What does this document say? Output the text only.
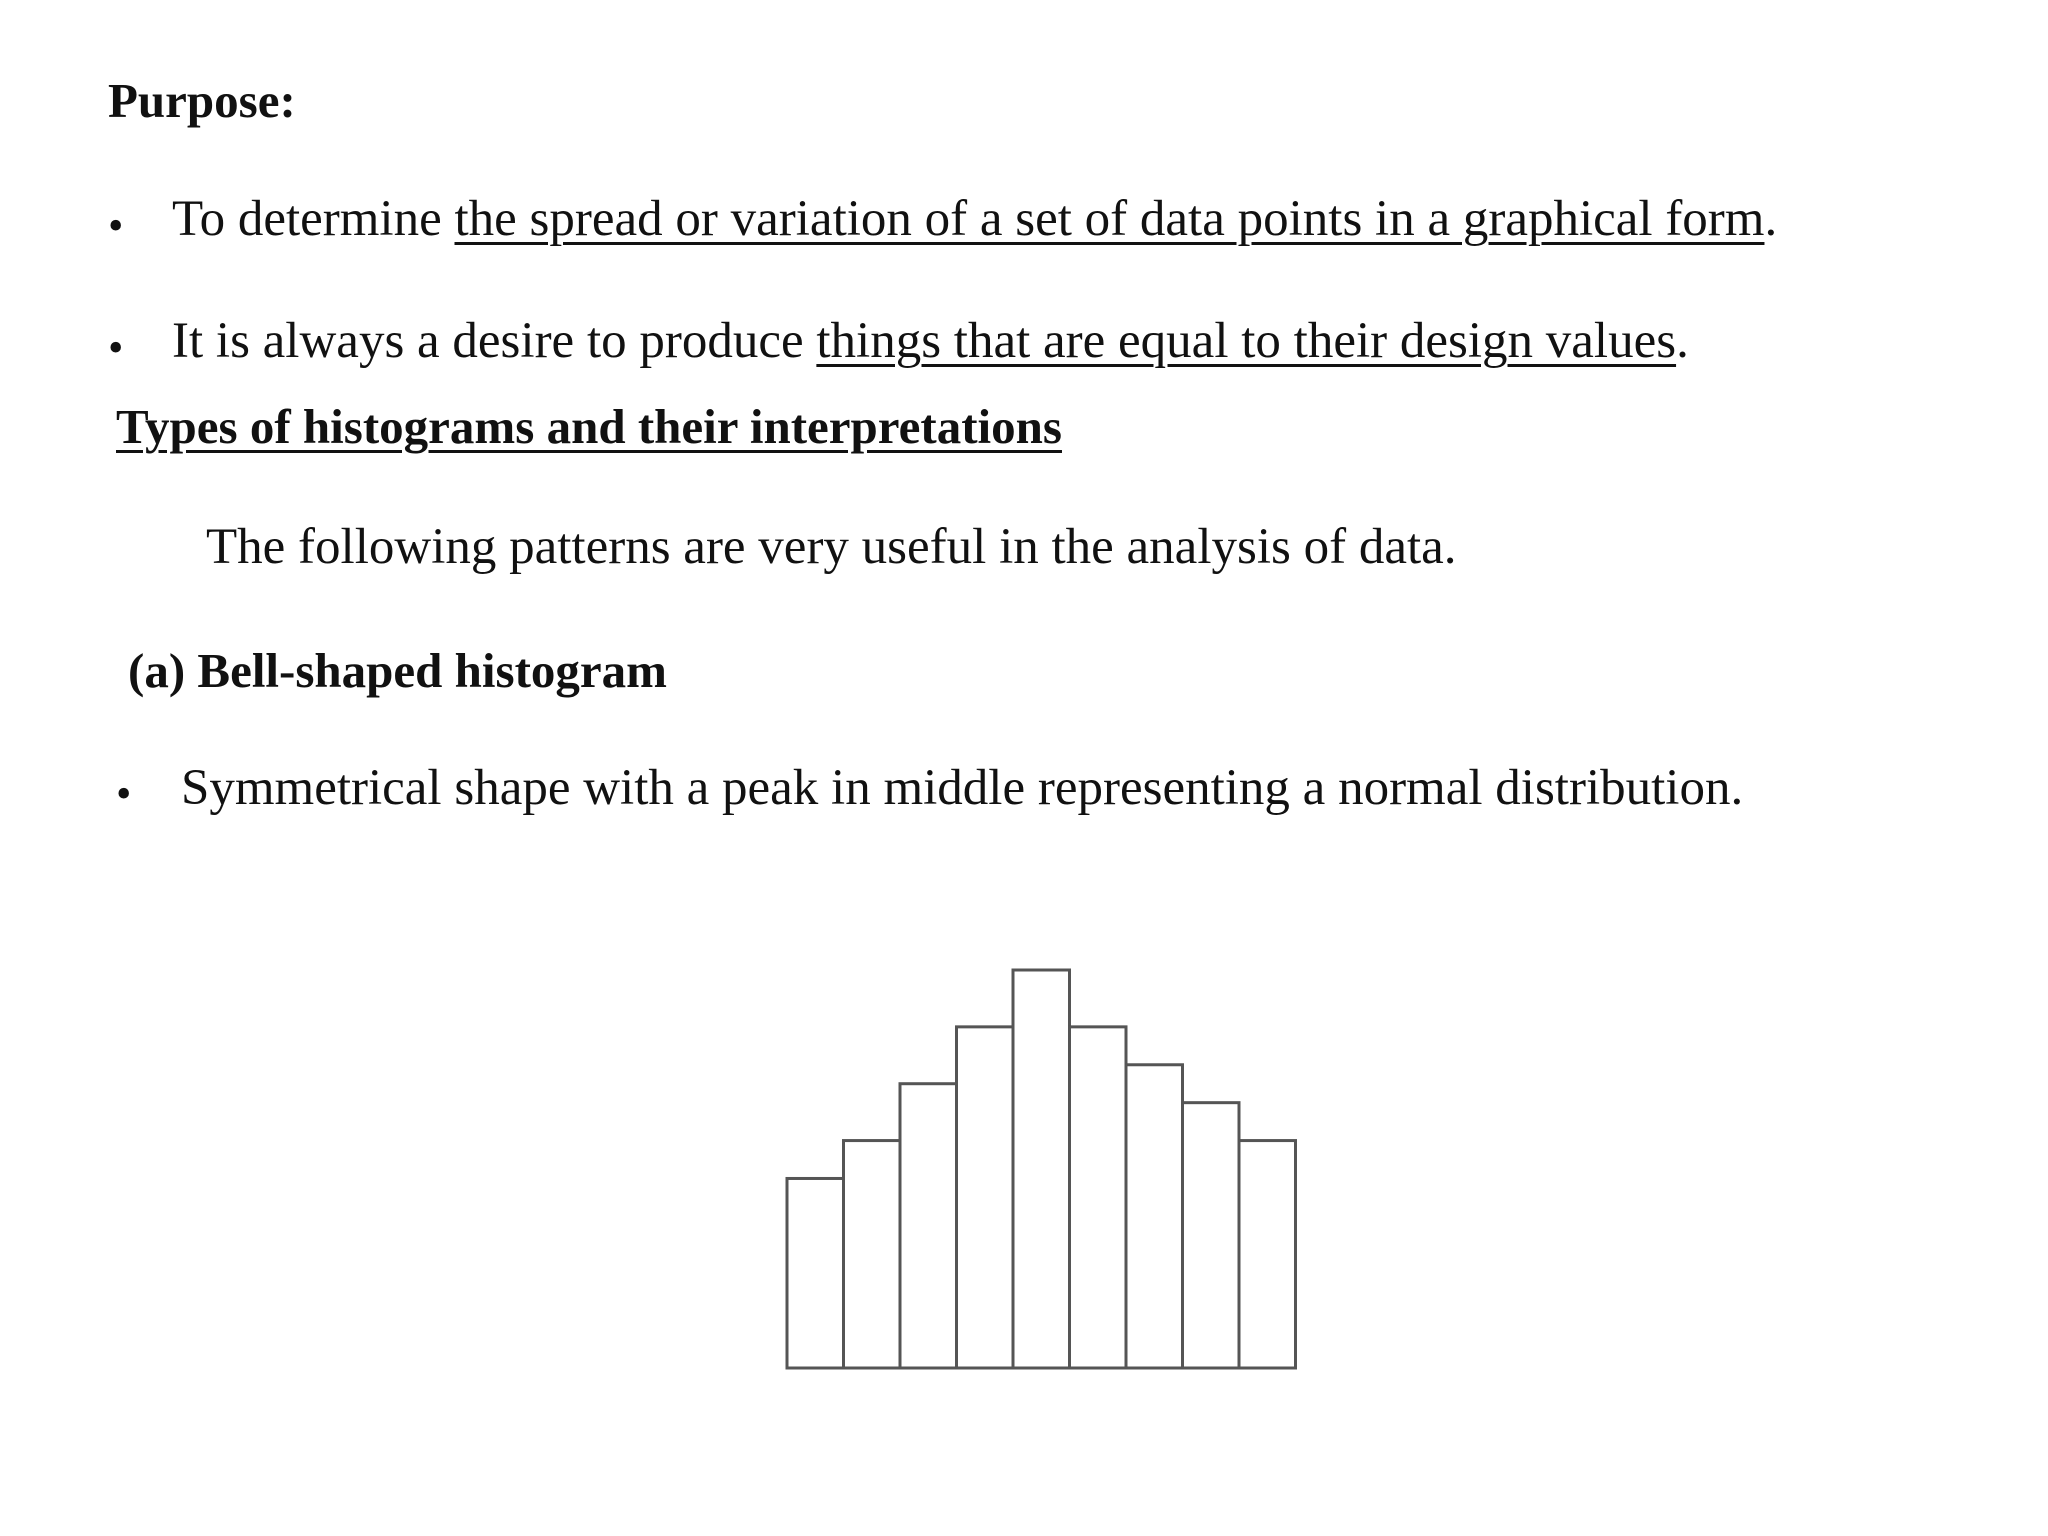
Purpose:
• To determine the spread or variation of a set of data points in a graphical form.
• It is always a desire to produce things that are equal to their design values.
Types of histograms and their interpretations
The following patterns are very useful in the analysis of data.
(a) Bell-shaped histogram
• Symmetrical shape with a peak in middle representing a normal distribution.
